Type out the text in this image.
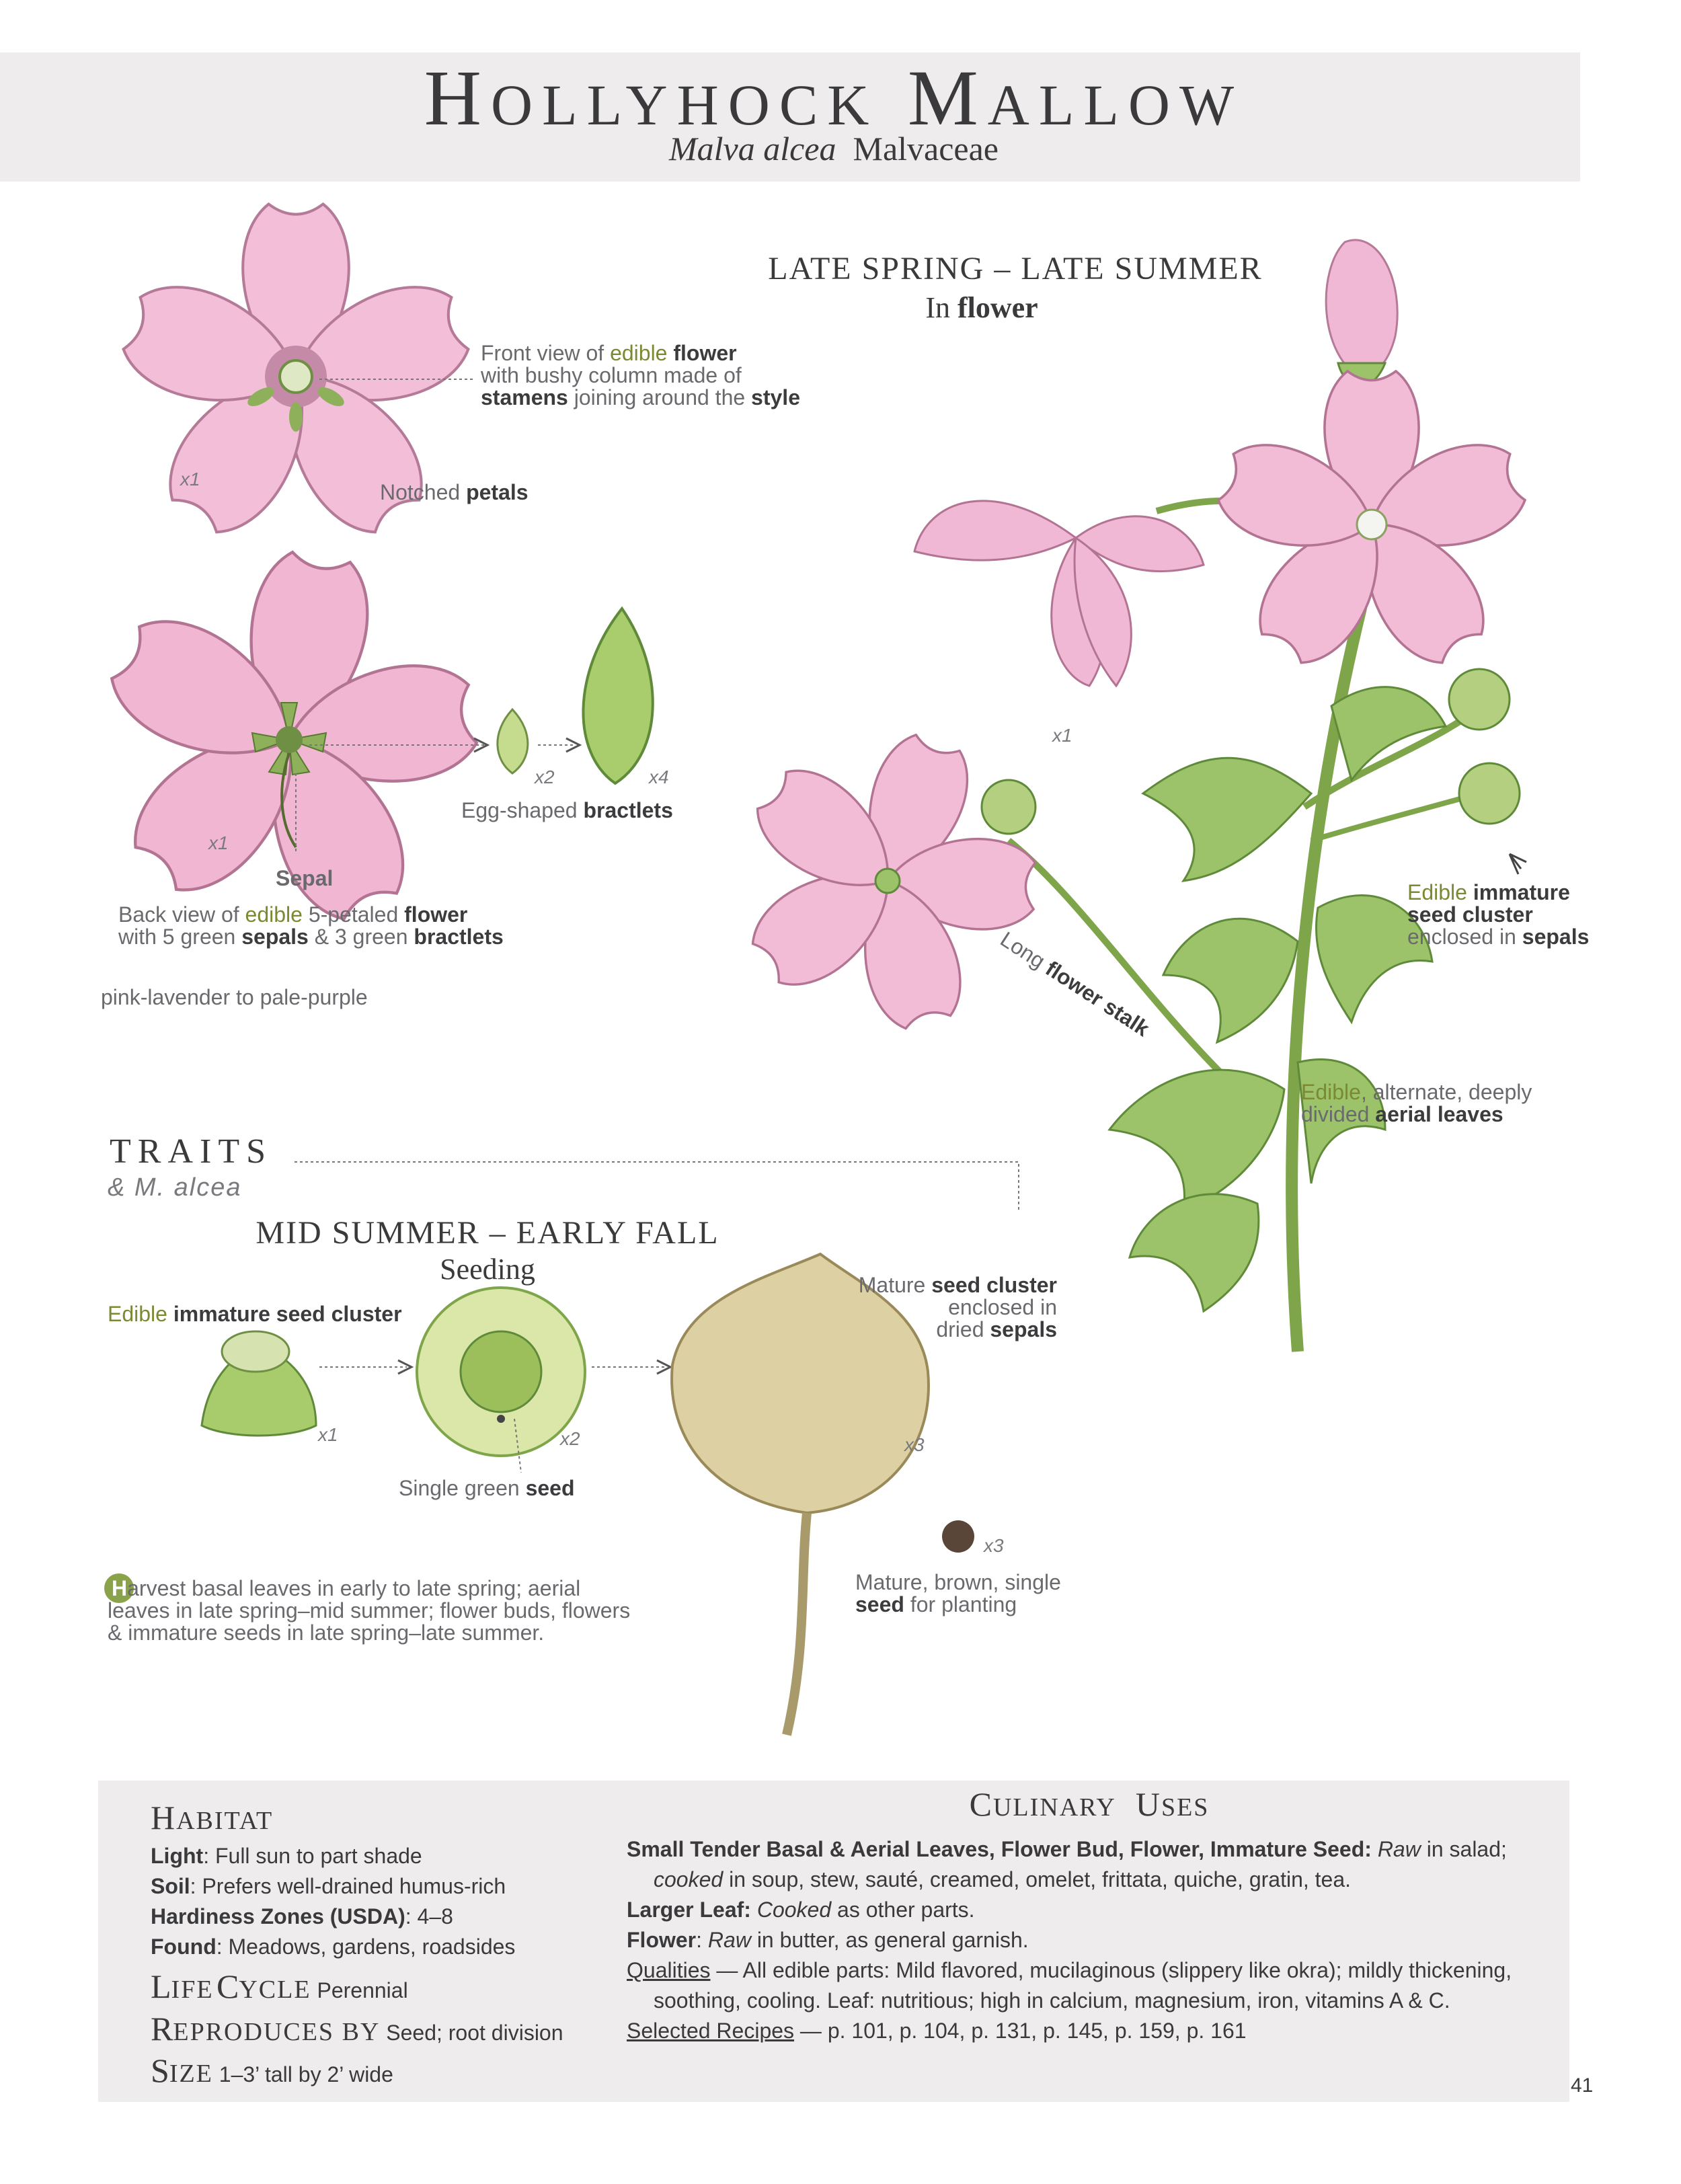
HOLLYHOCK MALLOW
Malva alcea Malvaceae
LATE SPRING – LATE SUMMER
In flower
Front view of edible flower
with bushy column made of
stamens joining around the style
x1
Notched petals
x2	x4
Egg-shaped bractlets
x1
Sepal
Back view of edible 5-petaled flower
with 5 green sepals & 3 green bractlets
pink-lavender to pale-purple
x1
Edible immature
seed cluster
enclosed in sepals
Long flower stalk
Edible, alternate, deeply
divided aerial leaves
TRAITS
& M. alcea
MID SUMMER – EARLY FALL
Seeding
Edible immature seed cluster
x1	x2
Single green seed
Mature seed cluster
enclosed in
dried sepals
x3
x3
Mature, brown, single
seed for planting
Harvest basal leaves in early to late spring; aerial
leaves in late spring–mid summer; flower buds, flowers
& immature seeds in late spring–late summer.
HABITAT
Light: Full sun to part shade
Soil: Prefers well-drained humus-rich
Hardiness Zones (USDA): 4–8
Found: Meadows, gardens, roadsides
LIFE CYCLE Perennial
REPRODUCES BY Seed; root division
SIZE 1–3’ tall by 2’ wide
CULINARY USES
Small Tender Basal & Aerial Leaves, Flower Bud, Flower, Immature Seed: Raw in salad;
cooked in soup, stew, sauté, creamed, omelet, frittata, quiche, gratin, tea.
Larger Leaf: Cooked as other parts.
Flower: Raw in butter, as general garnish.
Qualities — All edible parts: Mild flavored, mucilaginous (slippery like okra); mildly thickening,
soothing, cooling. Leaf: nutritious; high in calcium, magnesium, iron, vitamins A & C.
Selected Recipes — p. 101, p. 104, p. 131, p. 145, p. 159, p. 161
41
